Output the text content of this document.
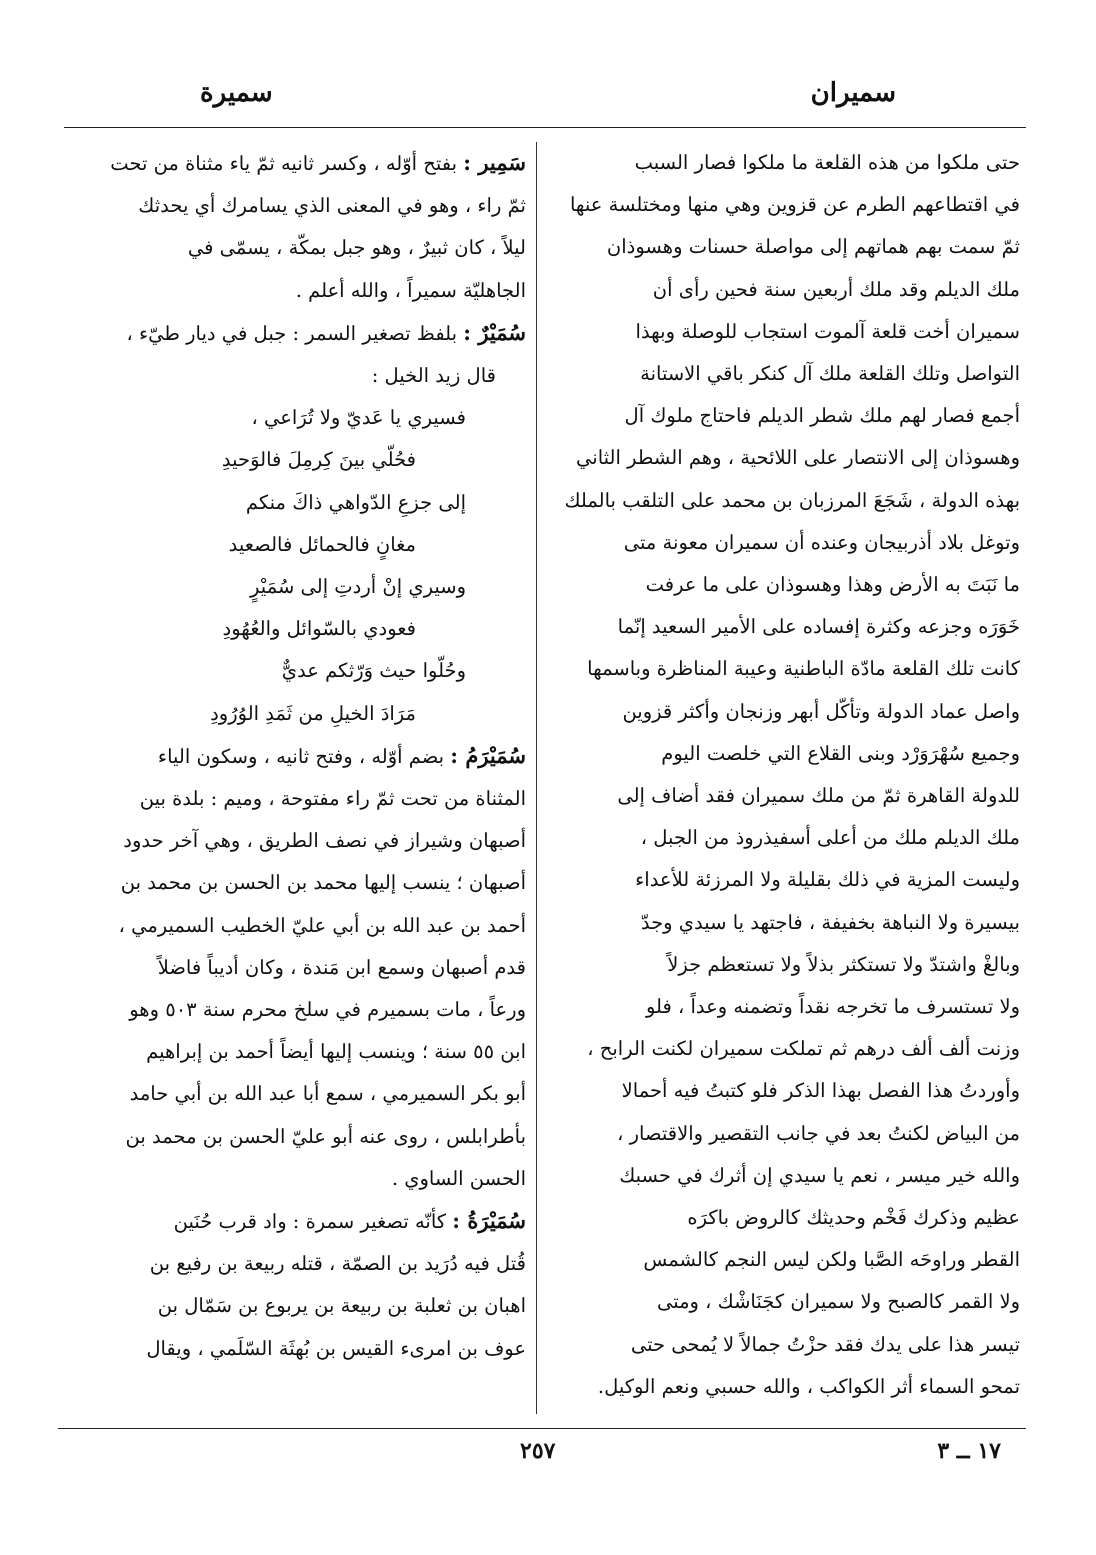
سميران
سميرة
حتى ملكوا من هذه القلعة ما ملكوا فصار السبب
في اقتطاعهم الطرم عن قزوين وهي منها ومختلسة عنها
ثمّ سمت بهم هماتهم إلى مواصلة حسنات وهسوذان
ملك الديلم وقد ملك أربعين سنة فحين رأى أن
سميران أخت قلعة آلموت استجاب للوصلة وبهذا
التواصل وتلك القلعة ملك آل كنكر باقي الاستانة
أجمع فصار لهم ملك شطر الديلم فاحتاج ملوك آل
وهسوذان إلى الانتصار على اللائحية ، وهم الشطر الثاني
بهذه الدولة ، شَجَعَ المرزبان بن محمد على التلقب بالملك
وتوغل بلاد أذربيجان وعنده أن سميران معونة متى
ما نَبَتَ به الأرض وهذا وهسوذان على ما عرفت
خَوَرَه وجزعه وكثرة إفساده على الأمير السعيد إنّما
كانت تلك القلعة مادّة الباطنية وعيبة المناظرة وباسمها
واصل عماد الدولة وتأكّل أبهر وزنجان وأكثر قزوين
وجميع سُهْرَوَرْد وبنى القلاع التي خلصت اليوم
للدولة القاهرة ثمّ من ملك سميران فقد أضاف إلى
ملك الديلم ملك من أعلى أسفيذروذ من الجبل ،
وليست المزية في ذلك بقليلة ولا المرزئة للأعداء
بيسيرة ولا النباهة بخفيفة ، فاجتهد يا سيدي وجدّ
وبالغْ واشتدّ ولا تستكثر بذلاً ولا تستعظم جزلاً
ولا تستسرف ما تخرجه نقداً وتضمنه وعداً ، فلو
وزنت ألف ألف درهم ثم تملكت سميران لكنت الرابح ،
وأوردتُ هذا الفصل بهذا الذكر فلو كتبتُ فيه أحمالا
من البياض لكنتُ بعد في جانب التقصير والاقتصار ،
والله خير ميسر ، نعم يا سيدي إن أثرك في حسبك
عظيم وذكرك فَخْم وحديثك كالروض باكرَه
القطر وراوحَه الصَّبا ولكن ليس النجم كالشمس
ولا القمر كالصبح ولا سميران كجَنَاشْك ، ومتى
تيسر هذا على يدك فقد حزْتُ جمالاً لا يُمحى حتى
تمحو السماء أثر الكواكب ، والله حسبي ونعم الوكيل.
سَمِير : بفتح أوّله ، وكسر ثانيه ثمّ ياء مثناة من تحت
ثمّ راء ، وهو في المعنى الذي يسامرك أي يحدثك
ليلاً ، كان ثبيرٌ ، وهو جبل بمكّة ، يسمّى في
الجاهليّة سميراً ، والله أعلم .
سُمَيْرٌ : بلفظ تصغير السمر : جبل في ديار طيّء ،
قال زيد الخيل :
فسيري يا عَديّ ولا تُرَاعي ،
فحُلّي بينَ كِرمِلَ فالوَحيدِ
إلى جزعِ الدّواهي ذاكَ منكم
مغانٍ فالحمائل فالصعيد
وسيري إنْ أردتِ إلى سُمَيْرٍ
فعودي بالسّوائل والعُهُودِ
وحُلّوا حيث وَرّثكم عديٌّ
مَرَادَ الخيلِ من ثَمَدِ الوُرُودِ
سُمَيْرَمُ : بضم أوّله ، وفتح ثانيه ، وسكون الياء
المثناة من تحت ثمّ راء مفتوحة ، وميم : بلدة بين
أصبهان وشيراز في نصف الطريق ، وهي آخر حدود
أصبهان ؛ ينسب إليها محمد بن الحسن بن محمد بن
أحمد بن عبد الله بن أبي عليّ الخطيب السميرمي ،
قدم أصبهان وسمع ابن مَندة ، وكان أديباً فاضلاً
ورعاً ، مات بسميرم في سلخ محرم سنة ٥٠٣ وهو
ابن ٥٥ سنة ؛ وينسب إليها أيضاً أحمد بن إبراهيم
أبو بكر السميرمي ، سمع أبا عبد الله بن أبي حامد
بأطرابلس ، روى عنه أبو عليّ الحسن بن محمد بن
الحسن الساوي .
سُمَيْرَةُ : كأنّه تصغير سمرة : واد قرب حُنَين
قُتل فيه دُرَيد بن الصمّة ، قتله ربيعة بن رفيع بن
اهبان بن ثعلبة بن ربيعة بن يربوع بن سَمّال بن
عوف بن امرىء القيس بن بُهثَة السّلَمي ، ويقال
٢٥٧	١٧ ــ ٣
